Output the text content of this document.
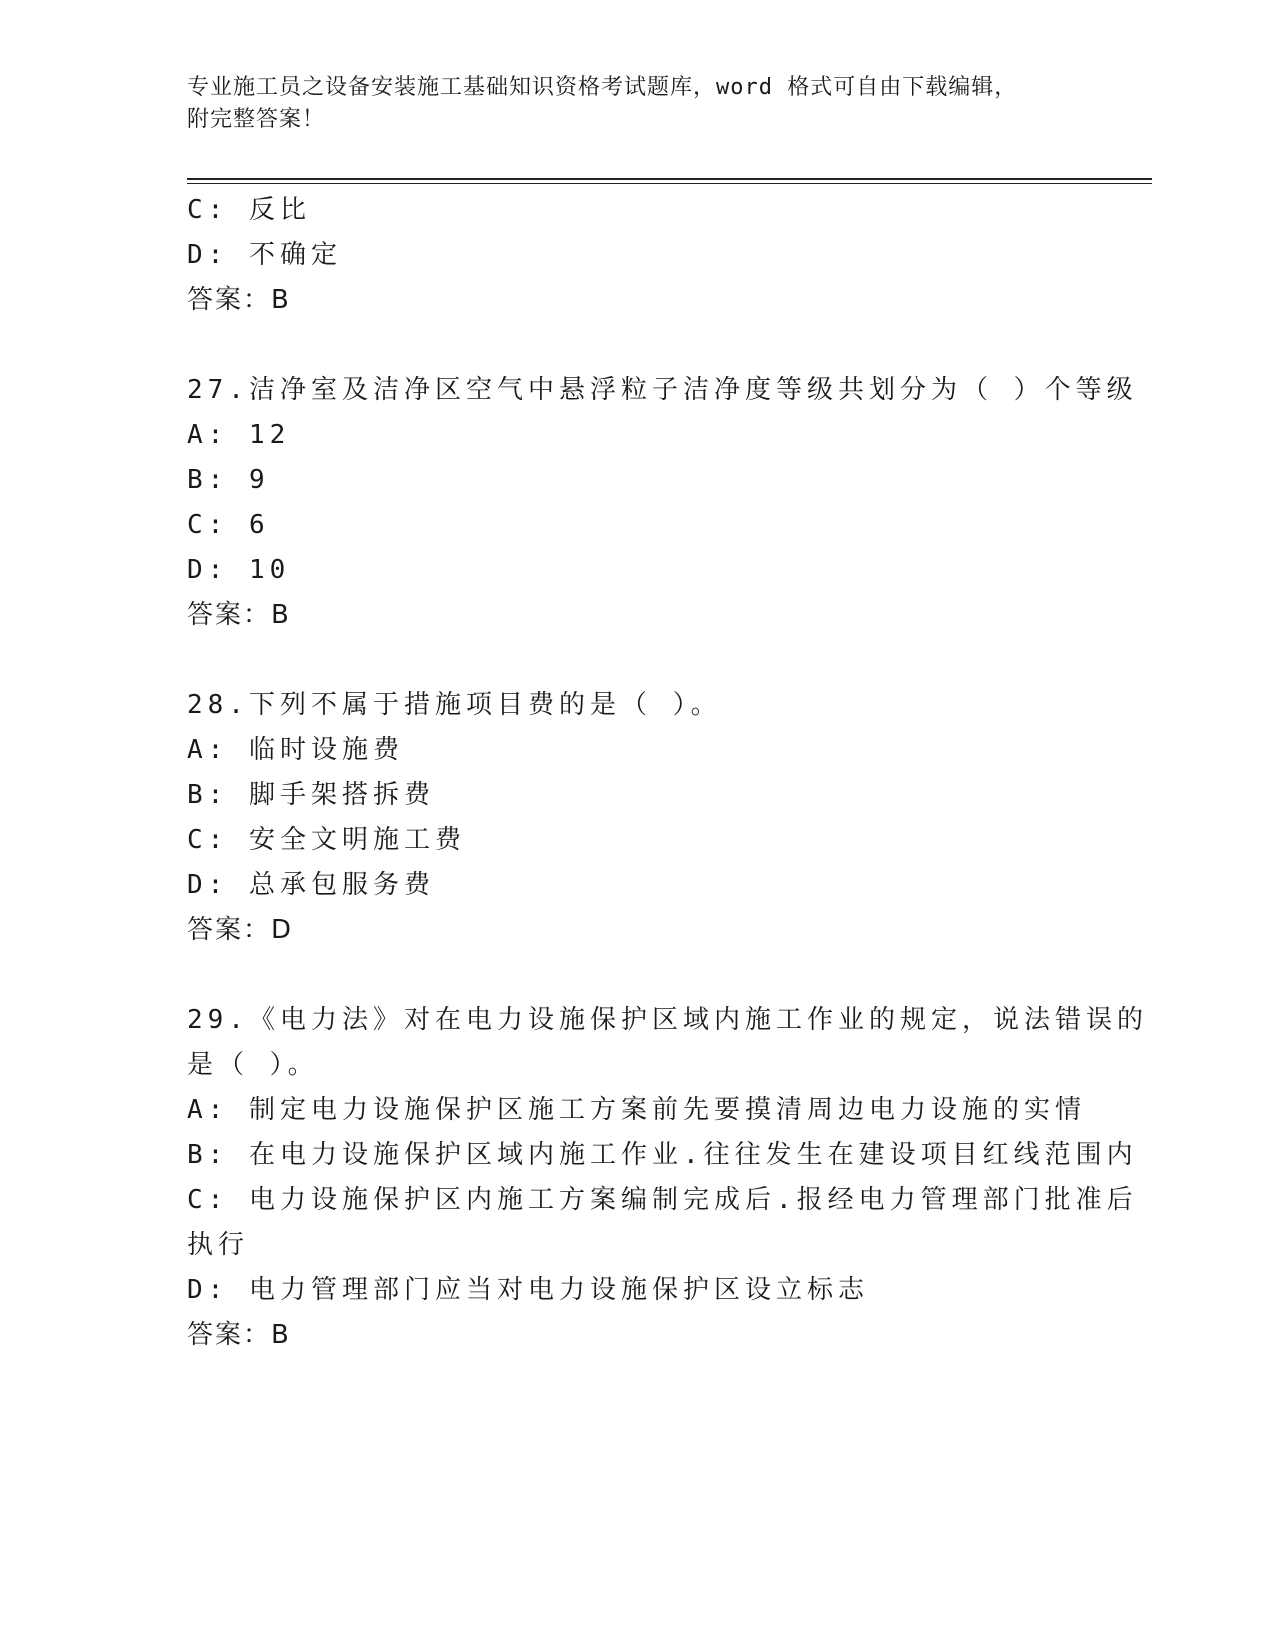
专业施工员之设备安装施工基础知识资格考试题库，word 格式可自由下载编辑，
附完整答案！
C: 反比
D: 不确定
答案：B
27.洁净室及洁净区空气中悬浮粒子洁净度等级共划分为（ ）个等级
A: 12
B: 9
C: 6
D: 10
答案：B
28.下列不属于措施项目费的是（ ）。
A: 临时设施费
B: 脚手架搭拆费
C: 安全文明施工费
D: 总承包服务费
答案：D
29.《电力法》对在电力设施保护区域内施工作业的规定，说法错误的
是（ ）。
A: 制定电力设施保护区施工方案前先要摸清周边电力设施的实情
B: 在电力设施保护区域内施工作业.往往发生在建设项目红线范围内
C: 电力设施保护区内施工方案编制完成后.报经电力管理部门批准后
执行
D: 电力管理部门应当对电力设施保护区设立标志
答案：B
